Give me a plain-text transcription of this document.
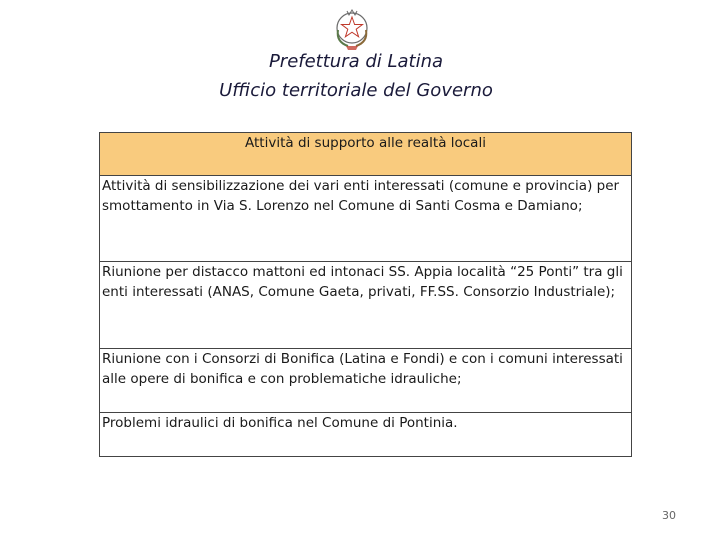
Prefettura di Latina
Ufficio territoriale del Governo
Attività di supporto alle realtà locali
Attività di sensibilizzazione dei vari enti interessati (comune e provincia) per smottamento in Via S. Lorenzo nel Comune di Santi Cosma e Damiano;
Riunione per distacco mattoni ed intonaci SS. Appia località “25 Ponti” tra gli enti interessati (ANAS, Comune Gaeta, privati, FF.SS. Consorzio Industriale);
Riunione con i Consorzi di Bonifica (Latina e Fondi) e con i comuni interessati alle opere di bonifica e con problematiche idrauliche;
Problemi idraulici di bonifica nel Comune di Pontinia.
30
